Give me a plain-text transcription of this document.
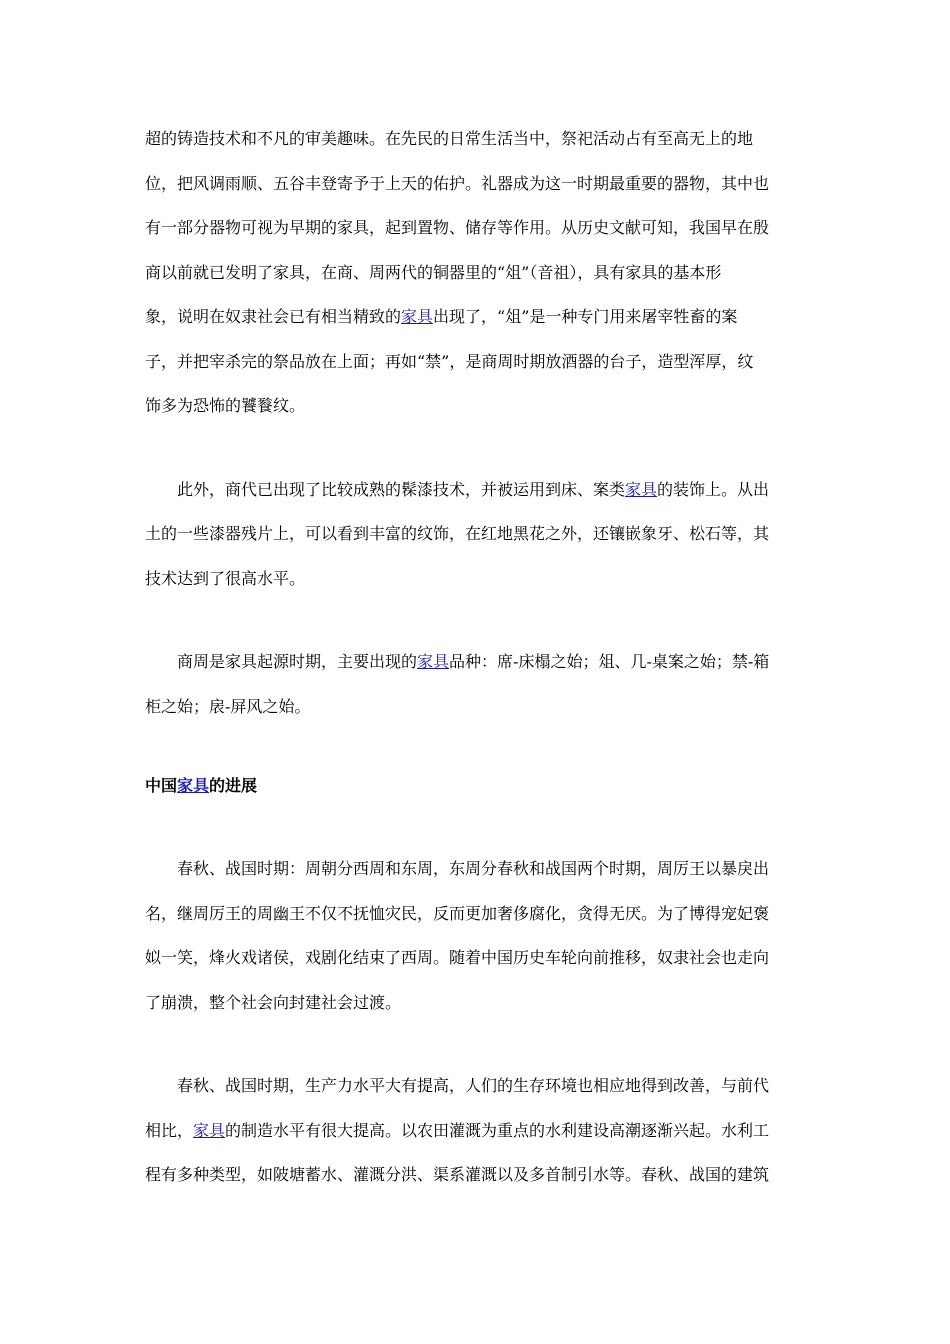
超的铸造技术和不凡的审美趣味。在先民的日常生活当中，祭祀活动占有至高无上的地
位，把风调雨顺、五谷丰登寄予于上天的佑护。礼器成为这一时期最重要的器物，其中也
有一部分器物可视为早期的家具，起到置物、储存等作用。从历史文献可知，我国早在殷
商以前就已发明了家具，在商、周两代的铜器里的“俎”（音祖），具有家具的基本形
象，说明在奴隶社会已有相当精致的家具出现了，“俎”是一种专门用来屠宰牲畜的案
子，并把宰杀完的祭品放在上面；再如“禁”，是商周时期放酒器的台子，造型浑厚，纹
饰多为恐怖的饕餮纹。
　　此外，商代已出现了比较成熟的髹漆技术，并被运用到床、案类家具的装饰上。从出
土的一些漆器残片上，可以看到丰富的纹饰，在红地黑花之外，还镶嵌象牙、松石等，其
技术达到了很高水平。
　　商周是家具起源时期，主要出现的家具品种：席-床榻之始；俎、几-桌案之始；禁-箱
柜之始；扆-屏风之始。
中国家具的进展
　　春秋、战国时期：周朝分西周和东周，东周分春秋和战国两个时期，周厉王以暴戾出
名，继周厉王的周幽王不仅不抚恤灾民，反而更加奢侈腐化，贪得无厌。为了博得宠妃褒
姒一笑，烽火戏诸侯，戏剧化结束了西周。随着中国历史车轮向前推移，奴隶社会也走向
了崩溃，整个社会向封建社会过渡。
　　春秋、战国时期，生产力水平大有提高，人们的生存环境也相应地得到改善，与前代
相比，家具的制造水平有很大提高。以农田灌溉为重点的水利建设高潮逐渐兴起。水利工
程有多种类型，如陂塘蓄水、灌溉分洪、渠系灌溉以及多首制引水等。春秋、战国的建筑
